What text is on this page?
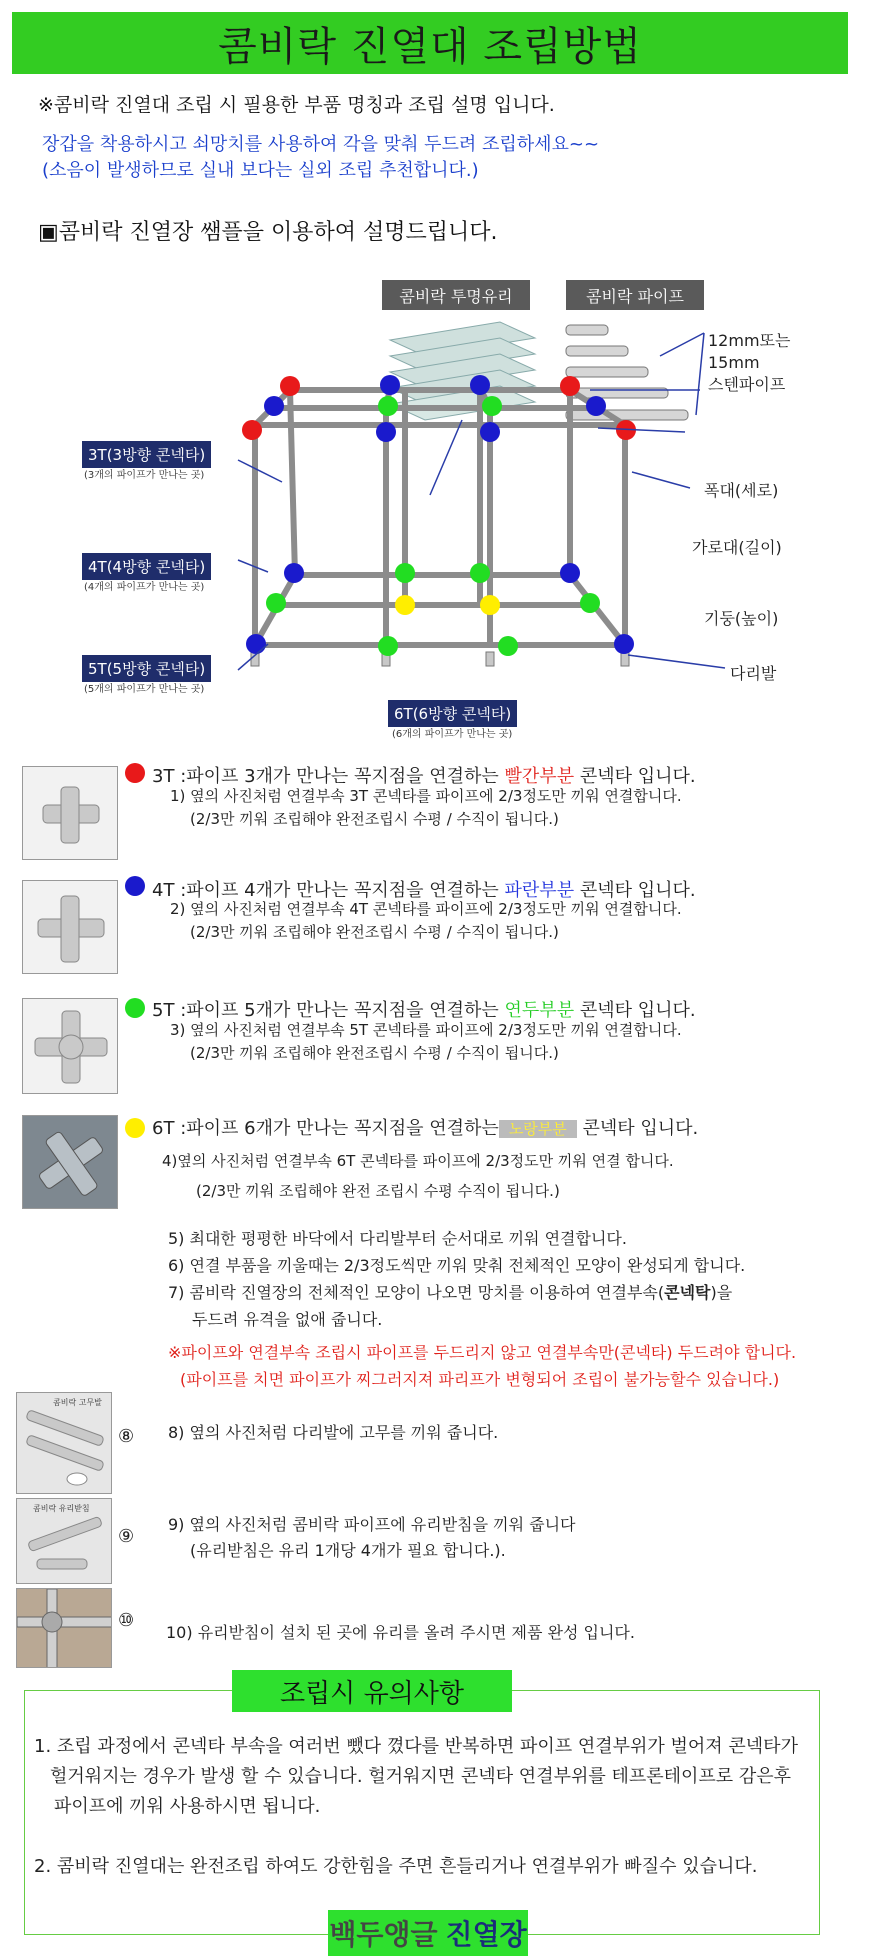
콤비락 진열대 조립방법
※콤비락 진열대 조립 시 필용한 부품 명칭과 조립 설명 입니다.
장갑을 착용하시고 쇠망치를 사용하여 각을 맞춰 두드려 조립하세요~~
(소음이 발생하므로 실내 보다는 실외 조립 추천합니다.)
▣콤비락 진열장 쌤플을 이용하여 설명드립니다.
콤비락 투명유리	콤비락 파이프
3T(3방향 콘넥타)
(3개의 파이프가 만나는 곳)
4T(4방향 콘넥타)
(4개의 파이프가 만나는 곳)
5T(5방향 콘넥타)
(5개의 파이프가 만나는 곳)
6T(6방향 콘넥타)
(6개의 파이프가 만나는 곳)
12mm또는
15mm
스텐파이프
폭대(세로)
가로대(길이)
기둥(높이)
다리발
3T :파이프 3개가 만나는 꼭지점을 연결하는 빨간부분 콘넥타 입니다.
1) 옆의 사진처럼 연결부속 3T 콘넥타를 파이프에 2/3정도만 끼워 연결합니다.
(2/3만 끼워 조립해야 완전조립시 수평 / 수직이 됩니다.)
4T :파이프 4개가 만나는 꼭지점을 연결하는 파란부분 콘넥타 입니다.
2) 옆의 사진처럼 연결부속 4T 콘넥타를 파이프에 2/3정도만 끼워 연결합니다.
(2/3만 끼워 조립해야 완전조립시 수평 / 수직이 됩니다.)
5T :파이프 5개가 만나는 꼭지점을 연결하는 연두부분 콘넥타 입니다.
3) 옆의 사진처럼 연결부속 5T 콘넥타를 파이프에 2/3정도만 끼워 연결합니다.
(2/3만 끼워 조립해야 완전조립시 수평 / 수직이 됩니다.)
6T :파이프 6개가 만나는 꼭지점을 연결하는 노랑부분 콘넥타 입니다.
4)옆의 사진처럼 연결부속 6T 콘넥타를 파이프에 2/3정도만 끼워 연결 합니다.
(2/3만 끼워 조립해야 완전 조립시 수평 수직이 됩니다.)
5) 최대한 평평한 바닥에서 다리발부터 순서대로 끼워 연결합니다.
6) 연결 부품을 끼울때는 2/3정도씩만 끼워 맞춰 전체적인 모양이 완성되게 합니다.
7) 콤비락 진열장의 전체적인 모양이 나오면 망치를 이용하여 연결부속(콘넥탁)을
두드려 유격을 없애 줍니다.
※파이프와 연결부속 조립시 파이프를 두드리지 않고 연결부속만(콘넥타) 두드려야 합니다.
(파이프를 치면 파이프가 찌그러지져 파리프가 변형되어 조립이 불가능할수 있습니다.)
콤비락 고무발
⑧ 8) 옆의 사진처럼 다리발에 고무를 끼워 줍니다.
콤비락 유리받침
⑨
9) 옆의 사진처럼 콤비락 파이프에 유리받침을 끼워 줍니다
(유리받침은 유리 1개당 4개가 필요 합니다.).
⑩
10) 유리받침이 설치 된 곳에 유리를 올려 주시면 제품 완성 입니다.
조립시 유의사항
1. 조립 과정에서 콘넥타 부속을 여러번 뺐다 꼈다를 반복하면 파이프 연결부위가 벌어져 콘넥타가
헐거워지는 경우가 발생 할 수 있습니다. 헐거워지면 콘넥타 연결부위를 테프론테이프로 감은후
파이프에 끼워 사용하시면 됩니다.
2. 콤비락 진열대는 완전조립 하여도 강한힘을 주면 흔들리거나 연결부위가 빠질수 있습니다.
백두앵글 진열장
